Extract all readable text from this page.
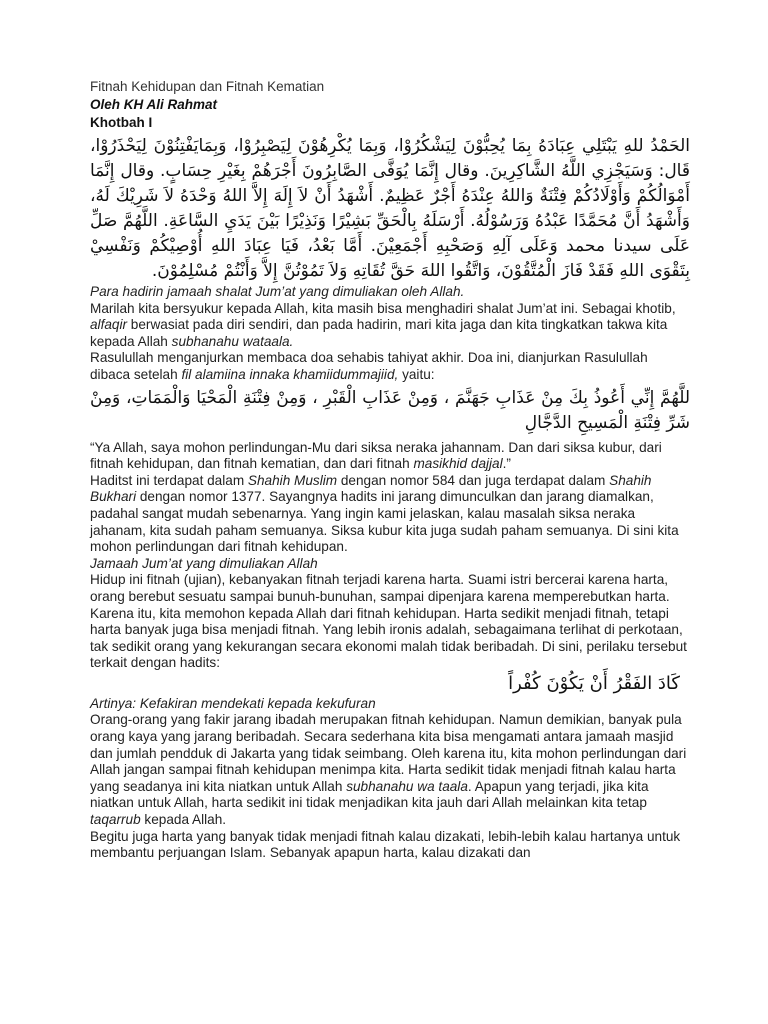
Fitnah Kehidupan dan Fitnah Kematian
Oleh KH Ali Rahmat
Khotbah I

الحَمْدُ للهِ يَبْتَلِي عِبَادَهُ بِمَا يُحِبُّوْنَ لِيَشْكُرُوْا، وَبِمَا يُكْرِهُوْنَ لِيَصْبِرُوْا، وَبِمَايَفْتِنُوْنَ لِيَحْذَرُوْا، قَال: وَسَيَجْزِي اللَّهُ الشَّاكِرِينَ. وقال إِنَّمَا يُوَفَّى الصَّابِرُونَ أَجْرَهُمْ بِغَيْرِ حِسَابٍ. وقال إِنَّمَا أَمْوَالُكُمْ وَأَوْلَادُكُمْ فِتْنَةٌ وَاللهُ عِنْدَهُ أَجْرٌ عَظِيمٌ. أَشْهَدُ أَنْ لاَ إِلَهَ إِلاَّ اللهُ وَحْدَهُ لاَ شَرِيْكَ لَهُ، وَأَشْهَدُ أَنَّ مُحَمَّدًا عَبْدُهُ وَرَسُوْلُهُ. أَرْسَلَهُ بِالْحَقِّ بَشِيْرًا وَنَذِيْرًا بَيْنَ يَدَيِ السَّاعَةِ. اللَّهُمَّ صَلِّ عَلَى سيدنا محمد وَعَلَى آلِهِ وَصَحْبِهِ أَجْمَعِيْنَ. أَمَّا بَعْدُ، فَيَا عِبَادَ اللهِ أُوْصِيْكُمْ وَنَفْسِيْ بِتَقْوَى اللهِ فَقَدْ فَازَ الْمُتَّقُوْنَ، وَاتَّقُوا اللهَ حَقَّ تُقَاتِهِ وَلاَ تَمُوْتُنَّ إِلاَّ وَأَنْتُمْ مُسْلِمُوْنَ.

Para hadirin jamaah shalat Jum’at yang dimuliakan oleh Allah.

Marilah kita bersyukur kepada Allah, kita masih bisa menghadiri shalat Jum’at ini. Sebagai khotib, alfaqir berwasiat pada diri sendiri, dan pada hadirin, mari kita jaga dan kita tingkatkan takwa kita kepada Allah subhanahu wataala.

Rasulullah menganjurkan membaca doa sehabis tahiyat akhir. Doa ini, dianjurkan Rasulullah dibaca setelah fil alamiina innaka khamiidummajiid, yaitu:

للَّهُمَّ إِنِّي أَعُوذُ بِكَ مِنْ عَذَابِ جَهَنَّمَ ، وَمِنْ عَذَابِ الْقَبْرِ ، وَمِنْ فِتْنَةِ الْمَحْيَا وَالْمَمَاتِ، وَمِنْ شَرِّ فِتْنَةِ الْمَسِيحِ الدَّجَّالِ

“Ya Allah, saya mohon perlindungan-Mu dari siksa neraka jahannam. Dan dari siksa kubur, dari fitnah kehidupan, dan fitnah kematian, dan dari fitnah masikhid dajjal.”

Haditst ini terdapat dalam Shahih Muslim dengan nomor 584 dan juga terdapat dalam Shahih Bukhari dengan nomor 1377. Sayangnya hadits ini jarang dimunculkan dan jarang diamalkan, padahal sangat mudah sebenarnya. Yang ingin kami jelaskan, kalau masalah siksa neraka jahanam, kita sudah paham semuanya. Siksa kubur kita juga sudah paham semuanya. Di sini kita mohon perlindungan dari fitnah kehidupan.

Jamaah Jum’at yang dimuliakan Allah

Hidup ini fitnah (ujian), kebanyakan fitnah terjadi karena harta. Suami istri bercerai karena harta, orang berebut sesuatu sampai bunuh-bunuhan, sampai dipenjara karena memperebutkan harta. Karena itu, kita memohon kepada Allah dari fitnah kehidupan. Harta sedikit menjadi fitnah, tetapi harta banyak juga bisa menjadi fitnah. Yang lebih ironis adalah, sebagaimana terlihat di perkotaan, tak sedikit orang yang kekurangan secara ekonomi malah tidak beribadah. Di sini, perilaku tersebut terkait dengan hadits:

كَادَ الفَقْرُ أَنْ يَكُوْنَ كُفْراً

Artinya: Kefakiran mendekati kepada kekufuran

Orang-orang yang fakir jarang ibadah merupakan fitnah kehidupan. Namun demikian, banyak pula orang kaya yang jarang beribadah. Secara sederhana kita bisa mengamati antara jamaah masjid dan jumlah pendduk di Jakarta yang tidak seimbang. Oleh karena itu, kita mohon perlindungan dari Allah jangan sampai fitnah kehidupan menimpa kita. Harta sedikit tidak menjadi fitnah kalau harta yang seadanya ini kita niatkan untuk Allah subhanahu wa taala. Apapun yang terjadi, jika kita niatkan untuk Allah, harta sedikit ini tidak menjadikan kita jauh dari Allah melainkan kita tetap taqarrub kepada Allah.

Begitu juga harta yang banyak tidak menjadi fitnah kalau dizakati, lebih-lebih kalau hartanya untuk membantu perjuangan Islam. Sebanyak apapun harta, kalau dizakati dan
